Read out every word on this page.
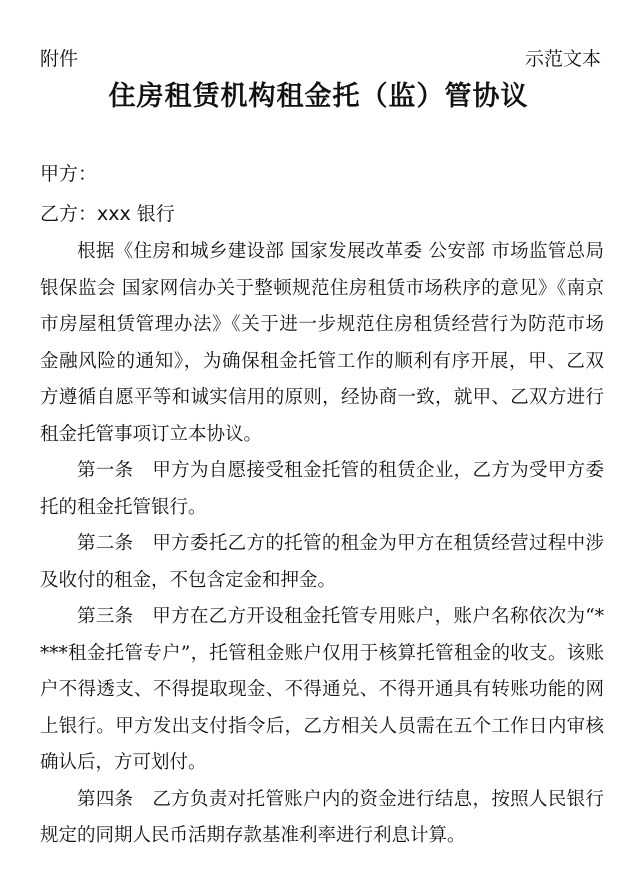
附件	示范文本
住房租赁机构租金托（监）管协议
甲方：
乙方：xxx 银行

根据《住房和城乡建设部 国家发展改革委 公安部 市场监管总局 银保监会 国家网信办关于整顿规范住房租赁市场秩序的意见》《南京市房屋租赁管理办法》《关于进一步规范住房租赁经营行为防范市场金融风险的通知》，为确保租金托管工作的顺利有序开展，甲、乙双方遵循自愿平等和诚实信用的原则，经协商一致，就甲、乙双方进行租金托管事项订立本协议。

第一条　甲方为自愿接受租金托管的租赁企业，乙方为受甲方委托的租金托管银行。

第二条　甲方委托乙方的托管的租金为甲方在租赁经营过程中涉及收付的租金，不包含定金和押金。

第三条　甲方在乙方开设租金托管专用账户，账户名称依次为“****租金托管专户”，托管租金账户仅用于核算托管租金的收支。该账户不得透支、不得提取现金、不得通兑、不得开通具有转账功能的网上银行。甲方发出支付指令后，乙方相关人员需在五个工作日内审核确认后，方可划付。

第四条　乙方负责对托管账户内的资金进行结息，按照人民银行规定的同期人民币活期存款基准利率进行利息计算。
